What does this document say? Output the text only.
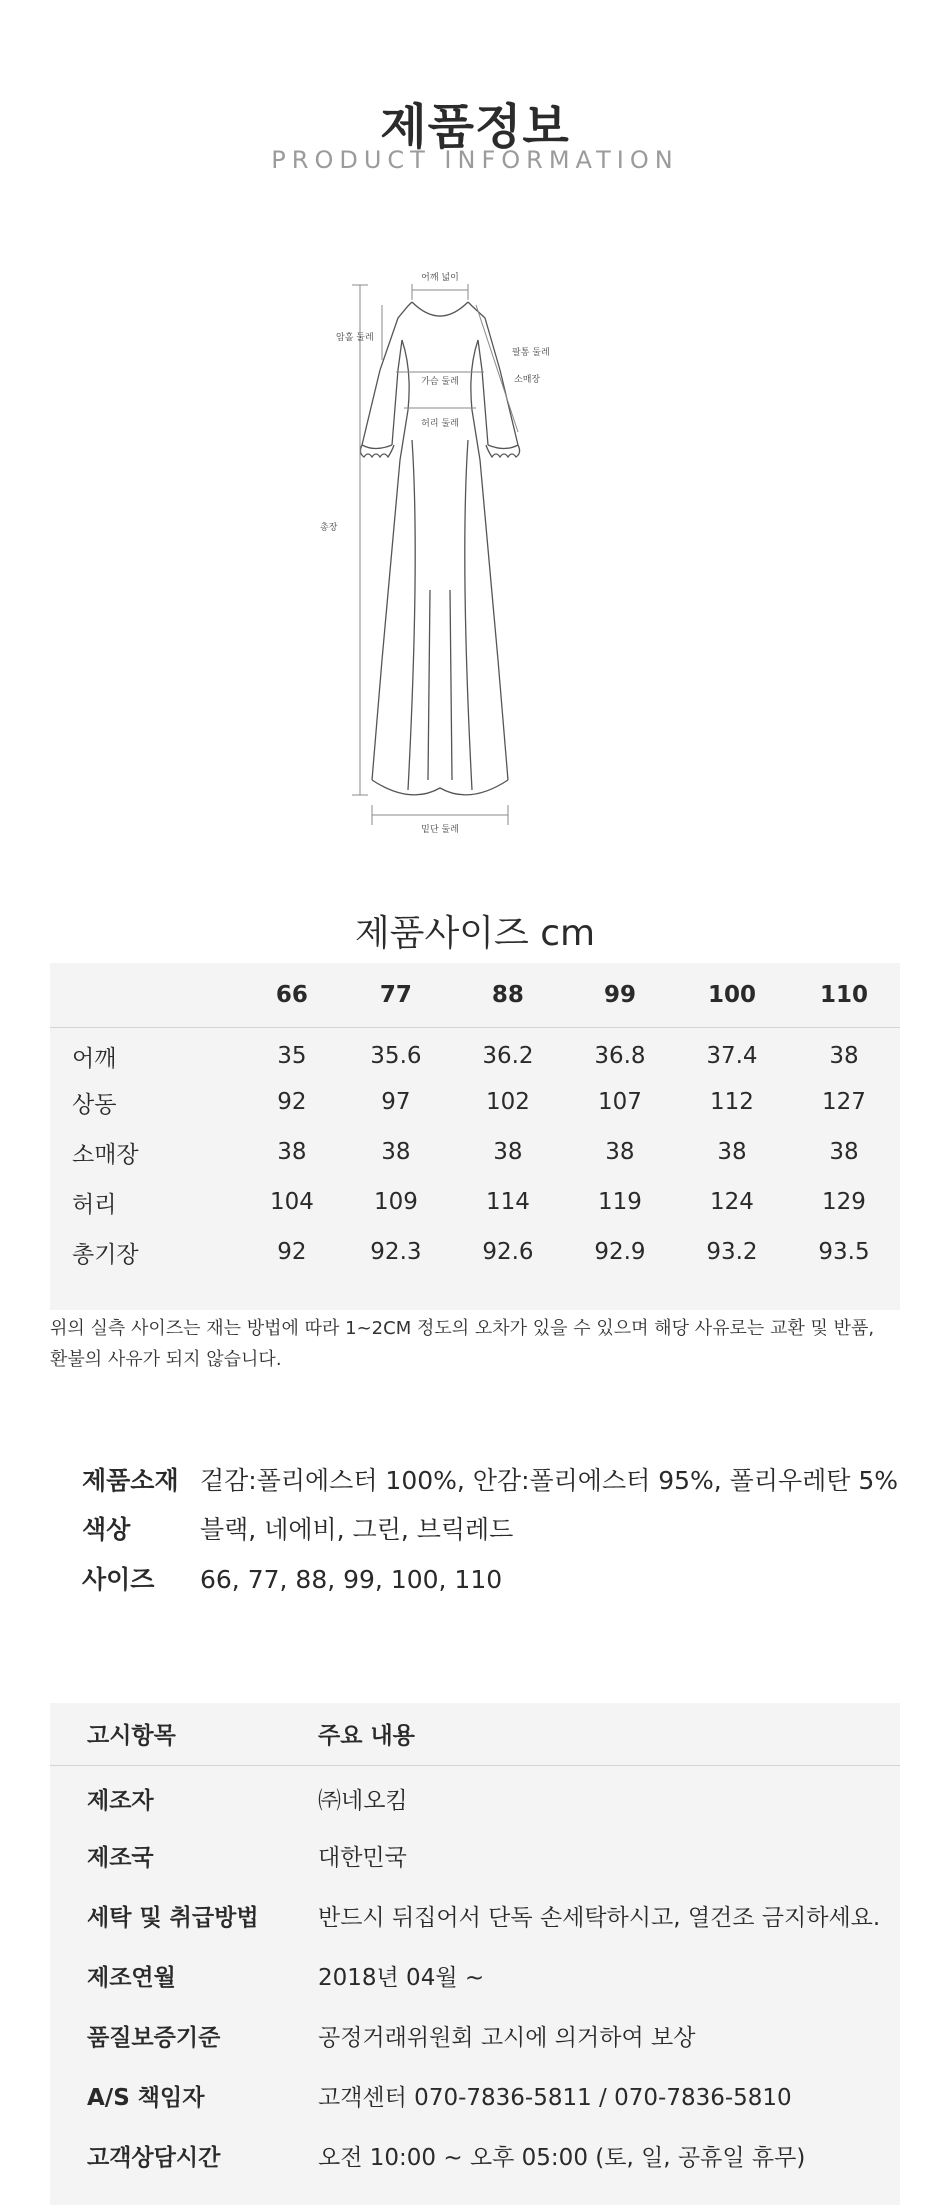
제품정보
PRODUCT INFORMATION
어깨 넓이
암홀 둘레
팔통 둘레
소매장
가슴 둘레
허리 둘레
총장
밑단 둘레
제품사이즈 cm
	66	77	88	99	100	110
어깨	35	35.6	36.2	36.8	37.4	38
상동	92	97	102	107	112	127
소매장	38	38	38	38	38	38
허리	104	109	114	119	124	129
총기장	92	92.3	92.6	92.9	93.2	93.5
위의 실측 사이즈는 재는 방법에 따라 1~2CM 정도의 오차가 있을 수 있으며 해당 사유로는 교환 및 반품,
환불의 사유가 되지 않습니다.
제품소재 겉감:폴리에스터 100%, 안감:폴리에스터 95%, 폴리우레탄 5%
색상	블랙, 네에비, 그린, 브릭레드
사이즈 66, 77, 88, 99, 100, 110
고시항목	주요 내용
제조자	㈜네오킴
제조국	대한민국
세탁 및 취급방법	반드시 뒤집어서 단독 손세탁하시고, 열건조 금지하세요.
제조연월	2018년 04월 ~
품질보증기준	공정거래위원회 고시에 의거하여 보상
A/S 책임자	고객센터 070-7836-5811 / 070-7836-5810
고객상담시간	오전 10:00 ~ 오후 05:00 (토, 일, 공휴일 휴무)
